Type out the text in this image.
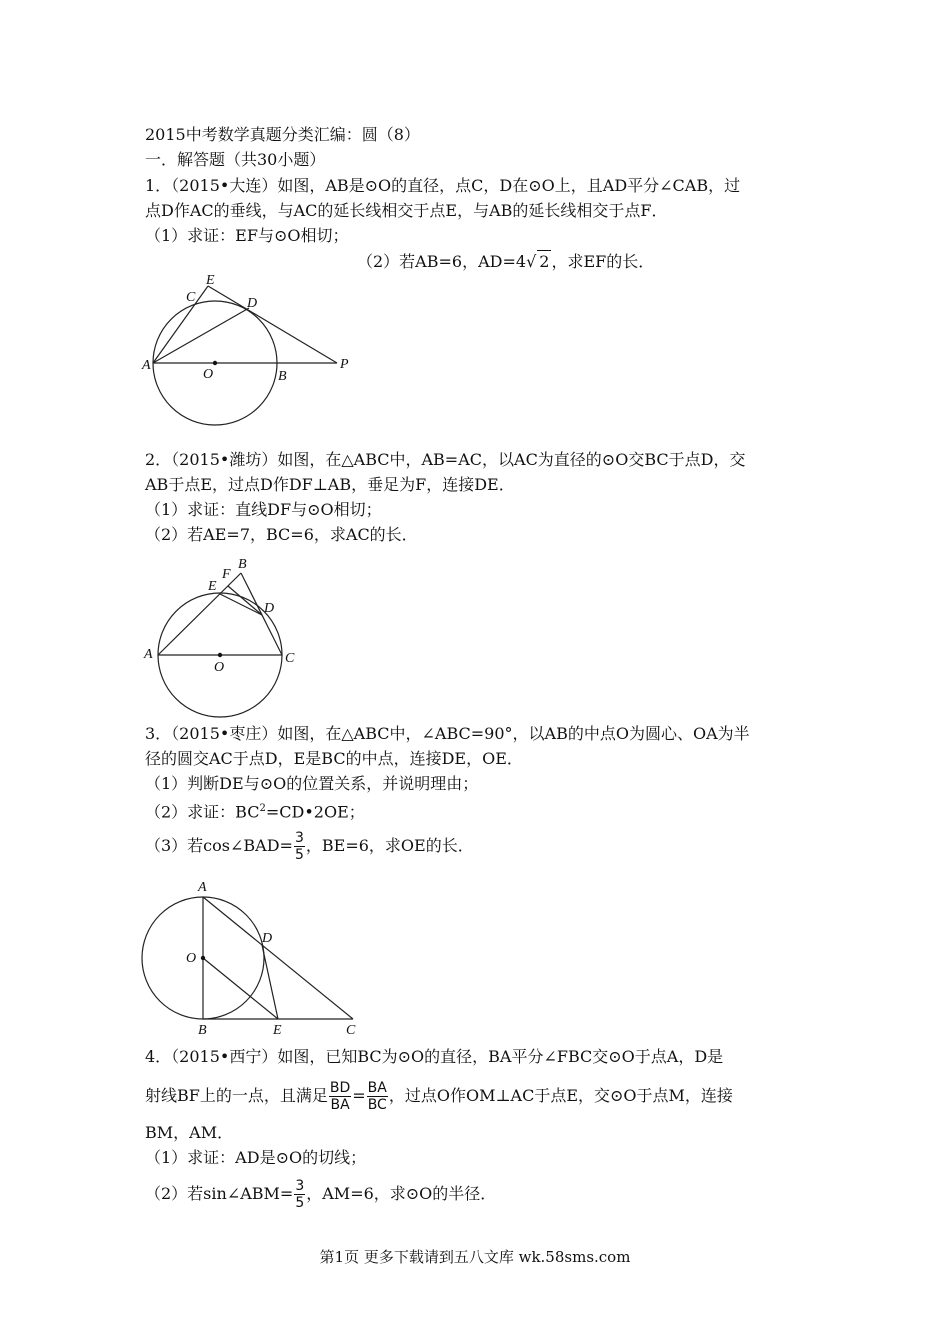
2015中考数学真题分类汇编：圆（8）
一．解答题（共30小题）
1．（2015•大连）如图，AB是⊙O的直径，点C，D在⊙O上，且AD平分∠CAB，过
点D作AC的垂线，与AC的延长线相交于点E，与AB的延长线相交于点F．
（1）求证：EF与⊙O相切；
（2）若AB=6，AD=4√ 2 ，求EF的长．
E
C	D
A
O	B
P
2．（2015•潍坊）如图，在△ABC中，AB=AC，以AC为直径的⊙O交BC于点D，交
AB于点E，过点D作DF⊥AB，垂足为F，连接DE．
（1）求证：直线DF与⊙O相切；
（2）若AE=7，BC=6，求AC的长．
B
E
F
D
A
O
C
3．（2015•枣庄）如图，在△ABC中，∠ABC=90°，以AB的中点O为圆心、OA为半
径的圆交AC于点D，E是BC的中点，连接DE，OE．
（1）判断DE与⊙O的位置关系，并说明理由；
（2）求证：$BC^2=CD•2OE$；
（3）若cos∠BAD= $\frac{3}{5}$ ，BE=6，求OE的长．
A
D
O
B	E	C
4．（2015•西宁）如图，已知BC为⊙O的直径，BA平分∠FBC交⊙O于点A，D是
射线BF上的一点，且满足 $\frac{BD}{BA} = \frac{BA}{BC}$ ，过点O作OM⊥AC于点E，交⊙O于点M，连接
BM，AM．
（1）求证：AD是⊙O的切线；
（2）若sin∠ABM= $\frac{3}{5}$ ，AM=6，求⊙O的半径．
第1页 更多下载请到五八文库 wk.58sms.com
